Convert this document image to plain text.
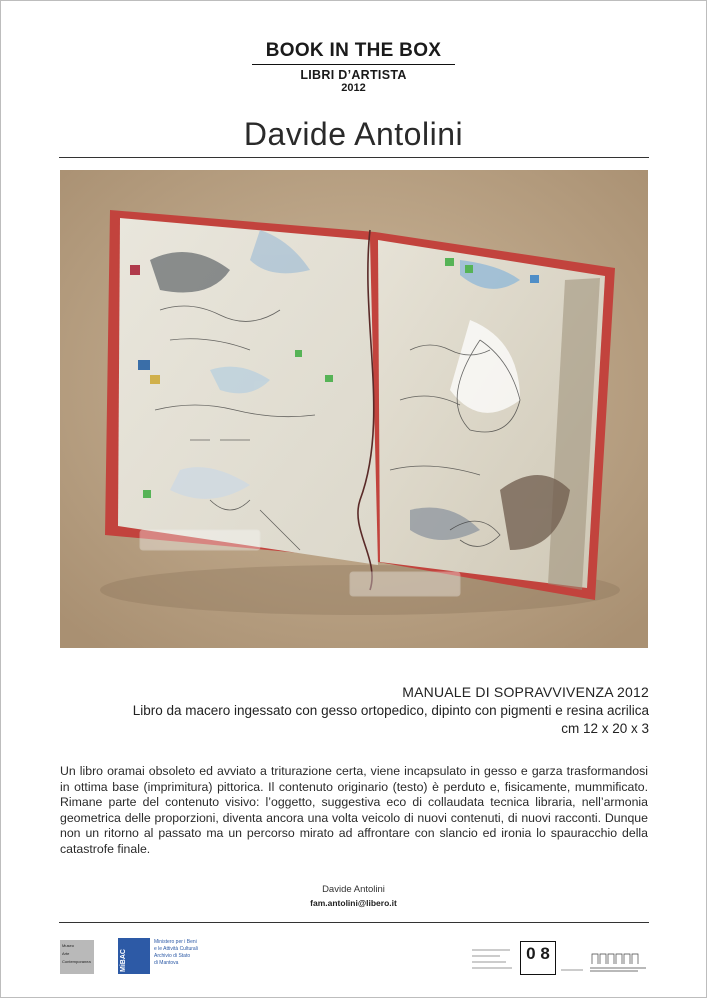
BOOK IN THE BOX
LIBRI D’ARTISTA
2012
Davide Antolini
MANUALE DI SOPRAVVIVENZA 2012
Libro da macero ingessato con gesso ortopedico, dipinto con pigmenti e resina acrilica
cm 12 x 20 x 3
Un libro oramai obsoleto ed avviato a triturazione certa, viene incapsulato in gesso e garza trasformandosi in ottima base (imprimitura) pittorica. Il contenuto originario (testo) è perduto e, fisicamente, mummificato. Rimane parte del contenuto visivo: l’oggetto, suggestiva eco di collaudata tecnica libraria, nell’armonia geometrica delle proporzioni, diventa ancora una volta veicolo di nuovi contenuti, di nuovi racconti. Dunque non un ritorno al passato ma un percorso mirato ad affrontare con slancio ed ironia lo spauracchio della catastrofe finale.
Davide Antolini
fam.antolini@libero.it
Museo
Arte
Contemporanea	MiBAC
Ministero per i Beni
e le Attività Culturali
Archivio di Stato
di Mantova	0 8
